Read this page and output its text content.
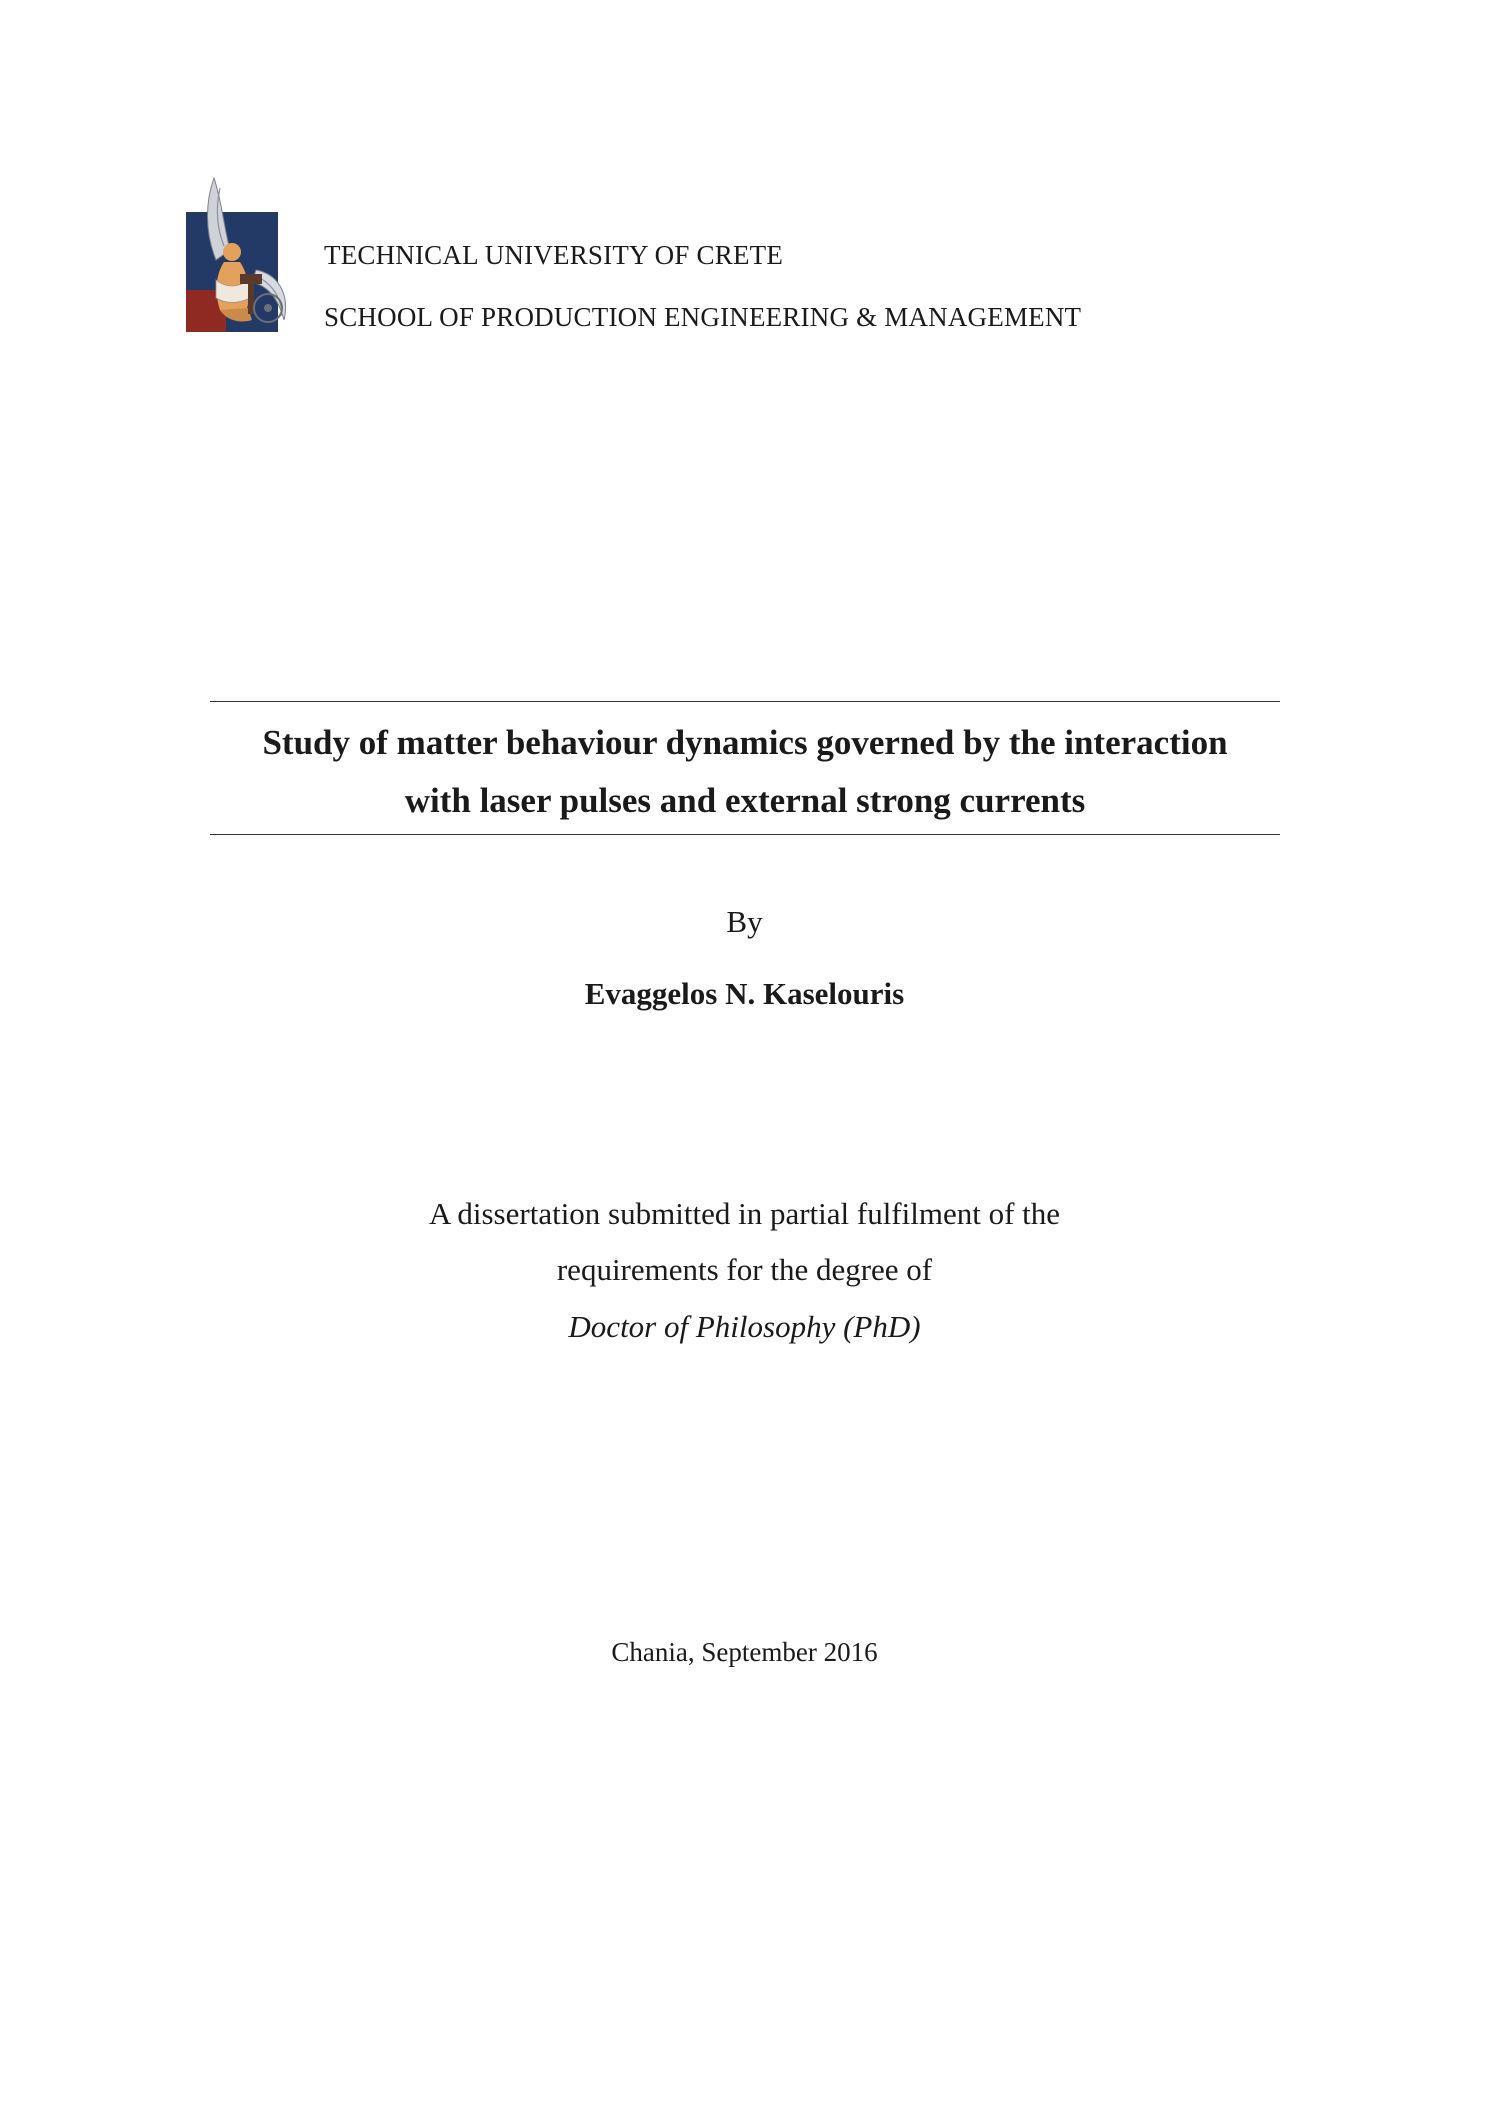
TECHNICAL UNIVERSITY OF CRETE
SCHOOL OF PRODUCTION ENGINEERING & MANAGEMENT
Study of matter behaviour dynamics governed by the interaction
with laser pulses and external strong currents
By
Evaggelos N. Kaselouris
A dissertation submitted in partial fulfilment of the
requirements for the degree of
Doctor of Philosophy (PhD)
Chania, September 2016
